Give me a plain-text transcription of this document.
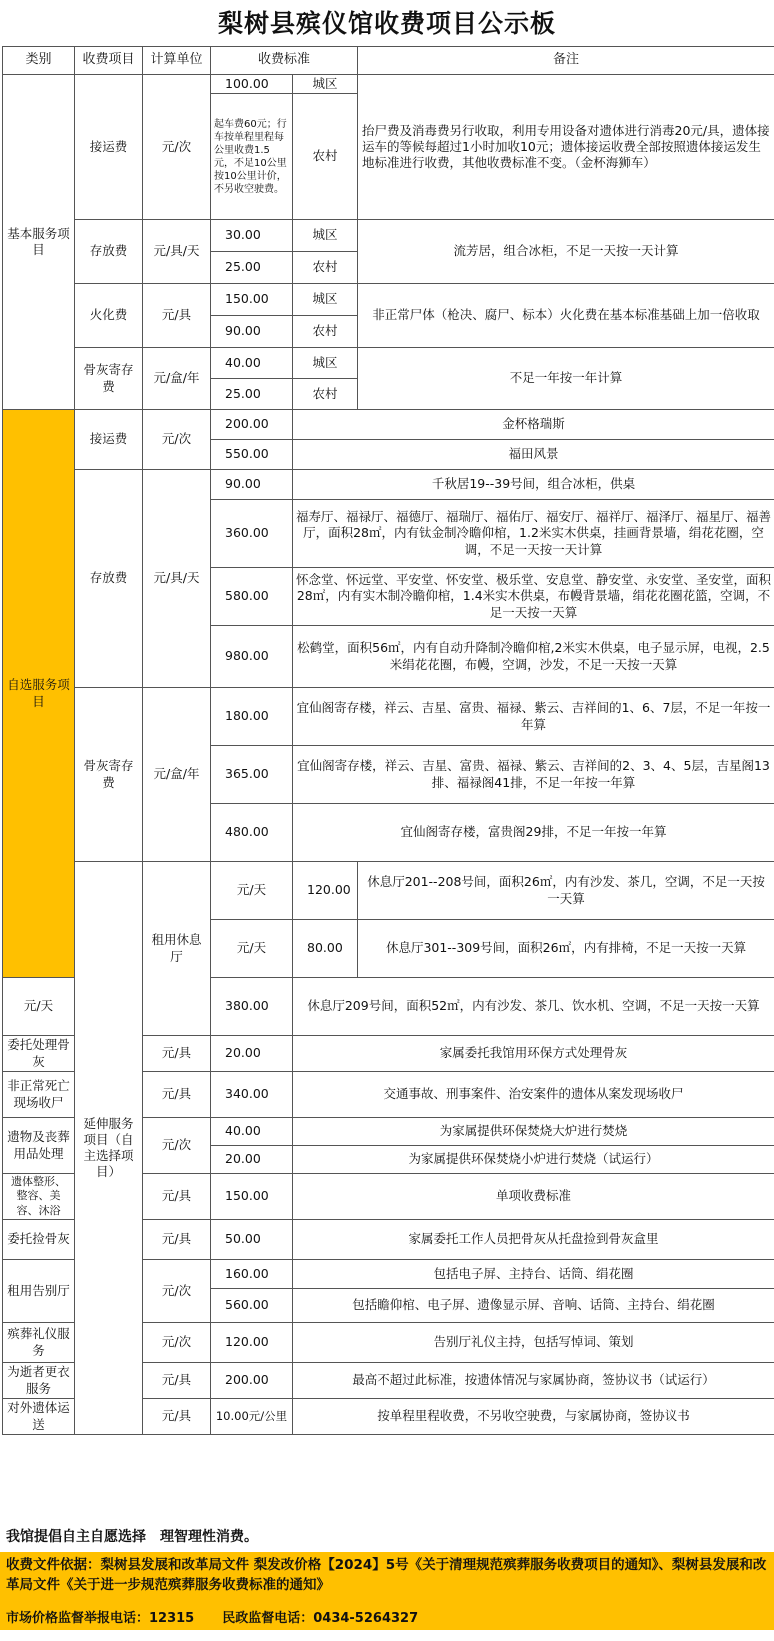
梨树县殡仪馆收费项目公示板
类别	收费项目	计算单位	收费标准		备注
基本服务项目	接运费	元/次	100.00	城区	抬尸费及消毒费另行收取，利用专用设备对遗体进行消毒20元/具，遗体接运车的等候每超过1小时加收10元；遗体接运收费全部按照遗体接运发生地标准进行收费，其他收费标准不变。（金杯海狮车）
			起车费60元；行车按单程里程每公里收费1.5元，不足10公里按10公里计价，不另收空驶费。	农村	
	存放费	元/具/天	30.00	城区	流芳居，组合冰柜，不足一天按一天计算
			25.00	农村	
	火化费	元/具	150.00	城区	非正常尸体（枪决、腐尸、标本）火化费在基本标准基础上加一倍收取
			90.00	农村	
	骨灰寄存费	元/盒/年	40.00	城区	不足一年按一年计算
			25.00	农村	
自选服务项目	接运费	元/次	200.00	金杯格瑞斯	
			550.00	福田风景	
	存放费	元/具/天	90.00	千秋居19--39号间，组合冰柜，供桌	
			360.00	福寿厅、福禄厅、福德厅、福瑞厅、福佑厅、福安厅、福祥厅、福泽厅、福星厅、福善厅，面积28㎡，内有钛金制冷瞻仰棺，1.2米实木供桌，挂画背景墙，绢花花圈，空调，不足一天按一天计算	
			580.00	怀念堂、怀远堂、平安堂、怀安堂、极乐堂、安息堂、静安堂、永安堂、圣安堂，面积28㎡，内有实木制冷瞻仰棺，1.4米实木供桌，布幔背景墙，绢花花圈花篮，空调，不足一天按一天算	
			980.00	松鹤堂，面积56㎡，内有自动升降制冷瞻仰棺,2米实木供桌，电子显示屏，电视，2.5米绢花花圈，布幔，空调，沙发，不足一天按一天算	
	骨灰寄存费	元/盒/年	180.00	宜仙阁寄存楼，祥云、吉星、富贵、福禄、紫云、吉祥间的1、6、7层，不足一年按一年算	
			365.00	宜仙阁寄存楼，祥云、吉星、富贵、福禄、紫云、吉祥间的2、3、4、5层，吉星阁13排、福禄阁41排，不足一年按一年算	
			480.00	宜仙阁寄存楼，富贵阁29排，不足一年按一年算	
	延伸服务项目（自主选择项目）	租用休息厅	元/天	120.00	休息厅201--208号间，面积26㎡，内有沙发、茶几，空调，不足一天按一天算
			元/天	80.00	休息厅301--309号间，面积26㎡，内有排椅，不足一天按一天算
元/天			380.00	休息厅209号间，面积52㎡，内有沙发、茶几、饮水机、空调，不足一天按一天算	
委托处理骨灰		元/具	20.00	家属委托我馆用环保方式处理骨灰	
非正常死亡现场收尸		元/具	340.00	交通事故、刑事案件、治安案件的遗体从案发现场收尸	
遗物及丧葬用品处理		元/次	40.00	为家属提供环保焚烧大炉进行焚烧	
			20.00	为家属提供环保焚烧小炉进行焚烧（试运行）	
遗体整形、整容、美容、沐浴		元/具	150.00	单项收费标准	
委托捡骨灰		元/具	50.00	家属委托工作人员把骨灰从托盘捡到骨灰盒里	
租用告别厅		元/次	160.00	包括电子屏、主持台、话筒、绢花圈	
			560.00	包括瞻仰棺、电子屏、遗像显示屏、音响、话筒、主持台、绢花圈	
殡葬礼仪服务		元/次	120.00	告别厅礼仪主持，包括写悼词、策划	
为逝者更衣服务		元/具	200.00	最高不超过此标准，按遗体情况与家属协商，签协议书（试运行）	
对外遗体运送		元/具	10.00元/公里	按单程里程收费，不另收空驶费，与家属协商，签协议书	
我馆提倡自主自愿选择　理智理性消费。
收费文件依据：梨树县发展和改革局文件 梨发改价格【2024】5号《关于清理规范殡葬服务收费项目的通知》、梨树县发展和改革局文件《关于进一步规范殡葬服务收费标准的通知》
市场价格监督举报电话：12315 民政监督电话：0434-5264327
